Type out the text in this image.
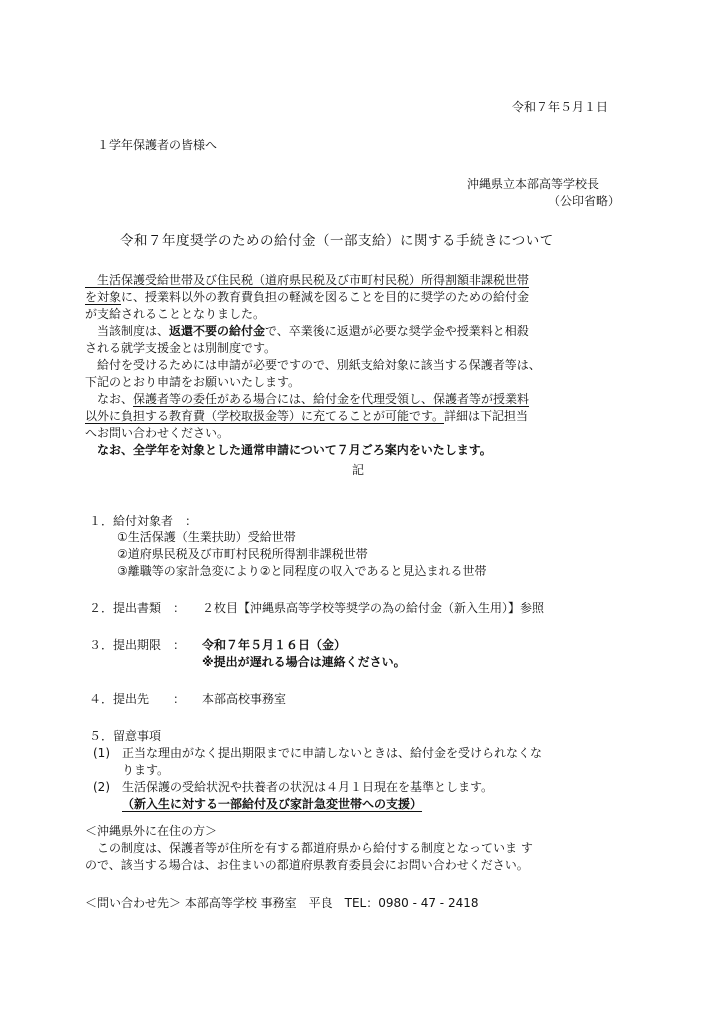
令和７年５月１日
１学年保護者の皆様へ
沖縄県立本部高等学校長
（公印省略）
令和７年度奨学のための給付金（一部支給）に関する手続きについて
　生活保護受給世帯及び住民税（道府県民税及び市町村民税）所得割額非課税世帯
を対象に、授業料以外の教育費負担の軽減を図ることを目的に奨学のための給付金
が支給されることとなりました。
　当該制度は、返還不要の給付金で、卒業後に返還が必要な奨学金や授業料と相殺
される就学支援金とは別制度です。
　給付を受けるためには申請が必要ですので、別紙支給対象に該当する保護者等は、
下記のとおり申請をお願いいたします。
　なお、保護者等の委任がある場合には、給付金を代理受領し、保護者等が授業料
以外に負担する教育費（学校取扱金等）に充てることが可能です。詳細は下記担当
へお問い合わせください。
　なお、全学年を対象とした通常申請について７月ごろ案内をいたします。
記
１．給付対象者　：
①生活保護（生業扶助）受給世帯
②道府県民税及び市町村民税所得割非課税世帯
③離職等の家計急変により②と同程度の収入であると見込まれる世帯
２．提出書類　： ２枚目【沖縄県高等学校等奨学の為の給付金（新入生用）】参照
３．提出期限　： 令和７年５月１６日（金）
※提出が遅れる場合は連絡ください。
４．提出先　　： 本部高校事務室
５．留意事項
(1) 正当な理由がなく提出期限までに申請しないときは、給付金を受けられなくな
ります。
(2) 生活保護の受給状況や扶養者の状況は４月１日現在を基準とします。
（新入生に対する一部給付及び家計急変世帯への支援）
＜沖縄県外に在住の方＞
　この制度は、保護者等が住所を有する都道府県から給付する制度となっていま す
ので、該当する場合は、お住まいの都道府県教育委員会にお問い合わせください。
＜問い合わせ先＞ 本部高等学校 事務室　平良　TEL：0980 - 47 - 2418
